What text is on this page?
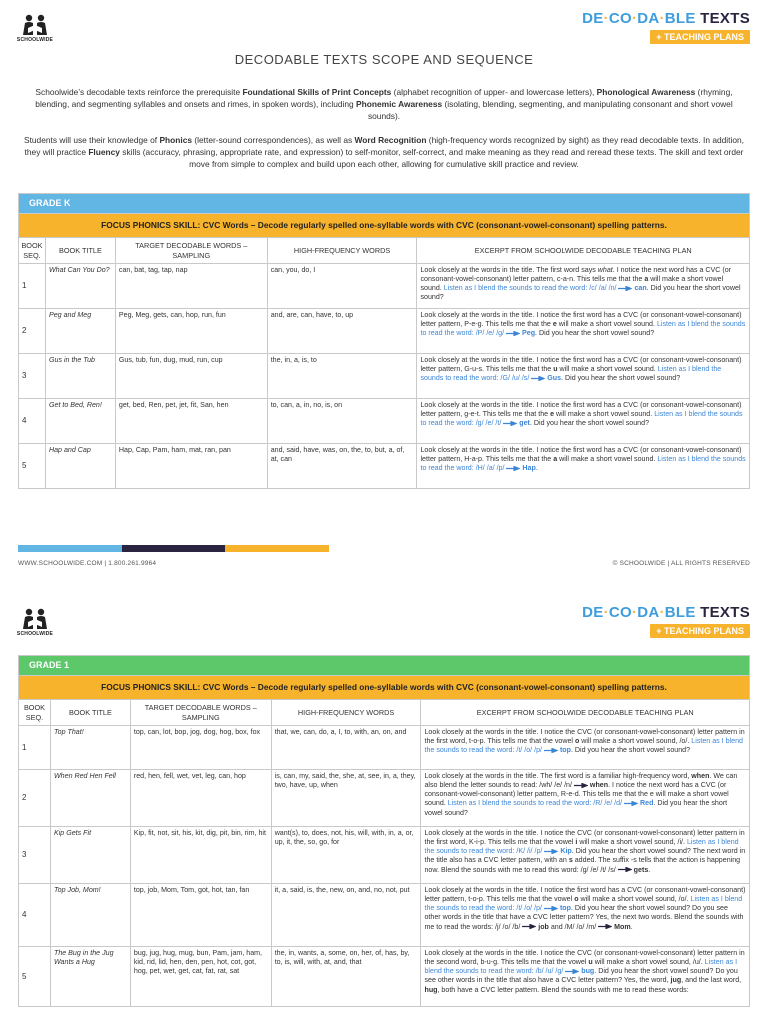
SCHOOLWIDE
DE·CO·DA·BLE TEXTS
+ TEACHING PLANS
DECODABLE TEXTS SCOPE AND SEQUENCE

Schoolwide’s decodable texts reinforce the prerequisite Foundational Skills of Print Concepts (alphabet recognition of upper- and lowercase letters), Phonological Awareness (rhyming, blending, and segmenting syllables and onsets and rimes, in spoken words), including Phonemic Awareness (isolating, blending, segmenting, and manipulating consonant and short vowel sounds).

Students will use their knowledge of Phonics (letter-sound correspondences), as well as Word Recognition (high-frequency words recognized by sight) as they read decodable texts. In addition, they will practice Fluency skills (accuracy, phrasing, appropriate rate, and expression) to self-monitor, self-correct, and make meaning as they read and reread these texts. The skill and text order move from simple to complex and build upon each other, allowing for cumulative skill practice and review.

GRADE K				
FOCUS PHONICS SKILL: CVC Words – Decode regularly spelled one-syllable words with CVC (consonant-vowel-consonant) spelling patterns.				
BOOK SEQ.	BOOK TITLE	TARGET DECODABLE WORDS – SAMPLING	HIGH-FREQUENCY WORDS	EXCERPT FROM SCHOOLWIDE DECODABLE TEACHING PLAN
1	What Can You Do?	can, bat, tag, tap, nap	can, you, do, I	Look closely at the words in the title. The first word says what. I notice the next word has a CVC (or consonant-vowel-consonant) letter pattern, c-a-n. This tells me that the a will make a short vowel sound. Listen as I blend the sounds to read the word: /c/ /a/ /n/  can. Did you hear the short vowel sound?
2	Peg and Meg	Peg, Meg, gets, can, hop, run, fun	and, are, can, have, to, up	Look closely at the words in the title. I notice the first word has a CVC (or consonant-vowel-consonant) letter pattern, P-e-g. This tells me that the e will make a short vowel sound. Listen as I blend the sounds to read the word: /P/ /e/ /g/  Peg. Did you hear the short vowel sound?
3	Gus in the Tub	Gus, tub, fun, dug, mud, run, cup	the, in, a, is, to	Look closely at the words in the title. I notice the first word has a CVC (or consonant-vowel-consonant) letter pattern, G-u-s. This tells me that the u will make a short vowel sound. Listen as I blend the sounds to read the word: /G/ /u/ /s/  Gus. Did you hear the short vowel sound?
4	Get to Bed, Ren!	get, bed, Ren, pet, jet, fit, San, hen	to, can, a, in, no, is, on	Look closely at the words in the title. I notice the first word has a CVC (or consonant-vowel-consonant) letter pattern, g-e-t. This tells me that the e will make a short vowel sound. Listen as I blend the sounds to read the word: /g/ /e/ /t/  get. Did you hear the short vowel sound?
5	Hap and Cap	Hap, Cap, Pam, ham, mat, ran, pan	and, said, have, was, on, the, to, but, a, of, at, can	Look closely at the words in the title. I notice the first word has a CVC (or consonant-vowel-consonant) letter pattern, H-a-p. This tells me that the a will make a short vowel sound. Listen as I blend the sounds to read the word: /H/ /a/ /p/  Hap.
WWW.SCHOOLWIDE.COM | 1.800.261.9964	© SCHOOLWIDE | ALL RIGHTS RESERVED
SCHOOLWIDE
DE·CO·DA·BLE TEXTS
+ TEACHING PLANS
GRADE 1				
FOCUS PHONICS SKILL: CVC Words – Decode regularly spelled one-syllable words with CVC (consonant-vowel-consonant) spelling patterns.				
BOOK SEQ.	BOOK TITLE	TARGET DECODABLE WORDS – SAMPLING	HIGH-FREQUENCY WORDS	EXCERPT FROM SCHOOLWIDE DECODABLE TEACHING PLAN
1	Top That!	top, can, lot, bop, jog, dog, hog, box, fox	that, we, can, do, a, I, to, with, an, on, and	Look closely at the words in the title. I notice the CVC (or consonant-vowel-consonant) letter pattern in the first word, t-o-p. This tells me that the vowel o will make a short vowel sound, /o/. Listen as I blend the sounds to read the word: /t/ /o/ /p/  top. Did you hear the short vowel sound?
2	When Red Hen Fell	red, hen, fell, wet, vet, leg, can, hop	is, can, my, said, the, she, at, see, in, a, they, two, have, up, when	Look closely at the words in the title. The first word is a familiar high-frequency word, when. We can also blend the letter sounds to read: /wh/ /e/ /n/  when. I notice the next word has a CVC (or consonant-vowel-consonant) letter pattern, R-e-d. This tells me that the e will make a short vowel sound. Listen as I blend the sounds to read the word: /R/ /e/ /d/  Red. Did you hear the short vowel sound?
3	Kip Gets Fit	Kip, fit, not, sit, his, kit, dig, pit, bin, rim, hit	want(s), to, does, not, his, will, with, in, a, or, up, it, the, so, go, for	Look closely at the words in the title. I notice the CVC (or consonant-vowel-consonant) letter pattern in the first word, K-i-p. This tells me that the vowel i will make a short vowel sound, /i/. Listen as I blend the sounds to read the word: /K/ /i/ /p/  Kip. Did you hear the short vowel sound? The next word in the title also has a CVC letter pattern, with an s added. The suffix -s tells that the action is happening now. Blend the sounds with me to read this word: /g/ /e/ /t/ /s/  gets.
4	Top Job, Mom!	top, job, Mom, Tom, got, hot, tan, fan	it, a, said, is, the, new, on, and, no, not, put	Look closely at the words in the title. I notice the first word has a CVC (or consonant-vowel-consonant) letter pattern, t-o-p. This tells me that the vowel o will make a short vowel sound, /o/. Listen as I blend the sounds to read the word: /t/ /o/ /p/  top. Did you hear the short vowel sound? Do you see other words in the title that have a CVC letter pattern? Yes, the next two words. Blend the sounds with me to read the words: /j/ /o/ /b/  job and /M/ /o/ /m/  Mom.
5	The Bug in the Jug Wants a Hug	bug, jug, hug, mug, bun, Pam, jam, ham, kid, rid, lid, hen, den, pen, hot, cot, got, hog, pet, wet, get, cat, fat, rat, sat	the, in, wants, a, some, on, her, of, has, by, to, is, will, with, at, and, that	Look closely at the words in the title. I notice the CVC (or consonant-vowel-consonant) letter pattern in the second word, b-u-g. This tells me that the vowel u will make a short vowel sound, /u/. Listen as I blend the sounds to read the word: /b/ /u/ /g/  bug. Did you hear the short vowel sound? Do you see other words in the title that also have a CVC letter pattern? Yes, the word, jug, and the last word, hug, both have a CVC letter pattern. Blend the sounds with me to read these words:
